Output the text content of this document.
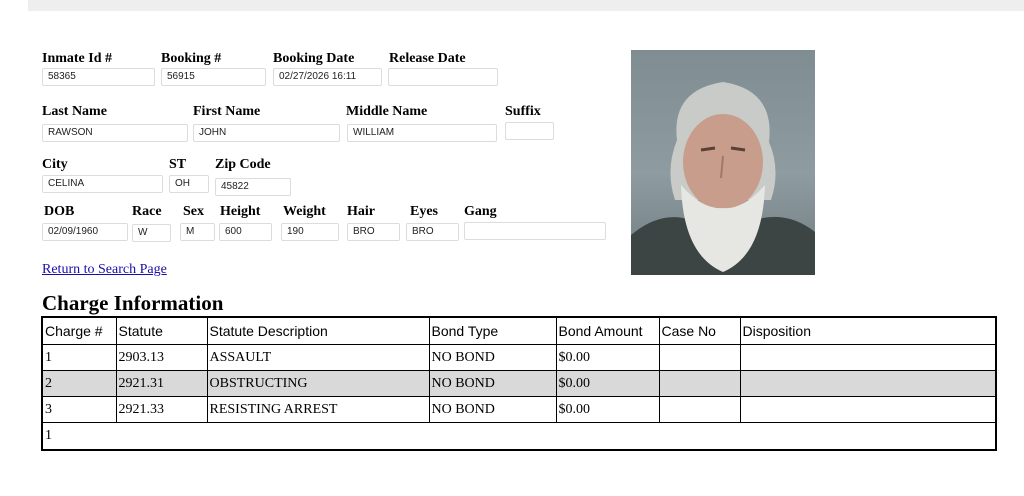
Inmate Id #
58365
Booking #
56915
Booking Date
02/27/2026 16:11
Release Date
Last Name
RAWSON
First Name
JOHN
Middle Name
WILLIAM
Suffix
City
CELINA
ST
OH
Zip Code
45822
DOB
02/09/1960
Race
W
Sex
M
Height
600
Weight
190
Hair
BRO
Eyes
BRO
Gang
Return to Search Page
Charge Information
Charge #	Statute	Statute Description	Bond Type	Bond Amount	Case No	Disposition
1	2903.13	ASSAULT	NO BOND	$0.00		
2	2921.31	OBSTRUCTING	NO BOND	$0.00		
3	2921.33	RESISTING ARREST	NO BOND	$0.00		
1						
